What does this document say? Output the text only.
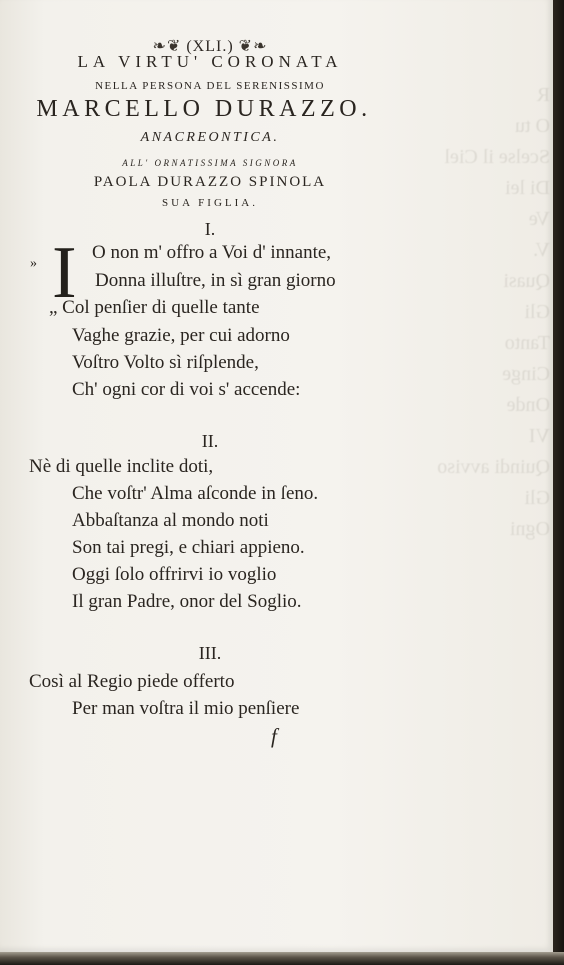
R
O tu
Scelse il Ciel
Di lei
Ve
V.
Quasi
Gli
Tanto
Cinge
Onde
VI
Quindi avviso
Gli
Ogni
❧❦ (XLI.) ❦❧
LA VIRTU' CORONATA
NELLA PERSONA DEL SERENISSIMO
MARCELLO DURAZZO.
ANACREONTICA.
ALL' ORNATISSIMA SIGNORA
PAOLA DURAZZO SPINOLA
SUA FIGLIA.
I.
» I O non m' offro a Voi d' innante,
Donna illuſtre, in sì gran giorno
„ Col penſier di quelle tante
Vaghe grazie, per cui adorno
Voſtro Volto sì riſplende,
Ch' ogni cor di voi s' accende:
II.
Nè di quelle inclite doti,
Che voſtr' Alma aſconde in ſeno.
Abbaſtanza al mondo noti
Son tai pregi, e chiari appieno.
Oggi ſolo offrirvi io voglio
Il gran Padre, onor del Soglio.
III.
Così al Regio piede offerto
Per man voſtra il mio penſiere
f
